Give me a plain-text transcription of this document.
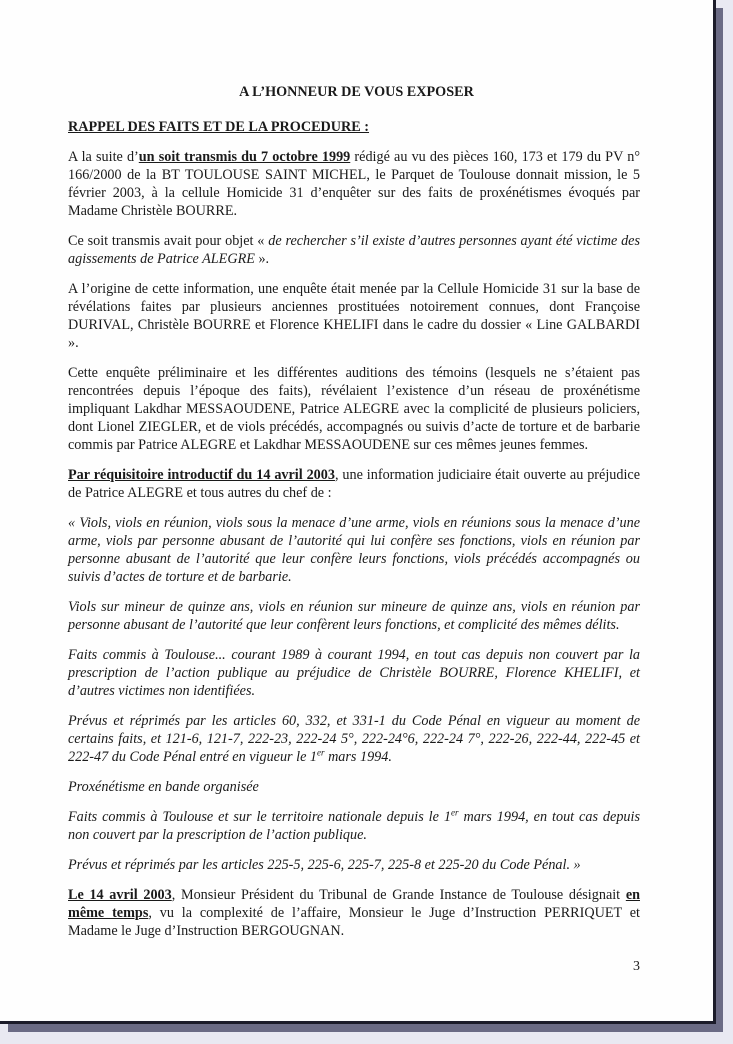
A L’HONNEUR DE VOUS EXPOSER
RAPPEL DES FAITS ET DE LA PROCEDURE :
A la suite d’un soit transmis du 7 octobre 1999 rédigé au vu des pièces 160, 173 et 179 du PV n° 166/2000 de la BT TOULOUSE SAINT MICHEL, le Parquet de Toulouse donnait mission, le 5 février 2003, à la cellule Homicide 31 d’enquêter sur des faits de proxénétismes évoqués par Madame Christèle BOURRE.
Ce soit transmis avait pour objet « de rechercher s’il existe d’autres personnes ayant été victime des agissements de Patrice ALEGRE ».
A l’origine de cette information, une enquête était menée par la Cellule Homicide 31 sur la base de révélations faites par plusieurs anciennes prostituées notoirement connues, dont Françoise DURIVAL, Christèle BOURRE et Florence KHELIFI dans le cadre du dossier « Line GALBARDI ».
Cette enquête préliminaire et les différentes auditions des témoins (lesquels ne s’étaient pas rencontrées depuis l’époque des faits), révélaient l’existence d’un réseau de proxénétisme impliquant Lakdhar MESSAOUDENE, Patrice ALEGRE avec la complicité de plusieurs policiers, dont Lionel ZIEGLER, et de viols précédés, accompagnés ou suivis d’acte de torture et de barbarie commis par Patrice ALEGRE et Lakdhar MESSAOUDENE sur ces mêmes jeunes femmes.
Par réquisitoire introductif du 14 avril 2003, une information judiciaire était ouverte au préjudice de Patrice ALEGRE et tous autres du chef de :
« Viols, viols en réunion, viols sous la menace d’une arme, viols en réunions sous la menace d’une arme, viols par personne abusant de l’autorité qui lui confère ses fonctions, viols en réunion par personne abusant de l’autorité que leur confère leurs fonctions, viols précédés accompagnés ou suivis d’actes de torture et de barbarie.
Viols sur mineur de quinze ans, viols en réunion sur mineure de quinze ans, viols en réunion par personne abusant de l’autorité que leur confèrent leurs fonctions, et complicité des mêmes délits.
Faits commis à Toulouse... courant 1989 à courant 1994, en tout cas depuis non couvert par la prescription de l’action publique au préjudice de Christèle BOURRE, Florence KHELIFI, et d’autres victimes non identifiées.
Prévus et réprimés par les articles 60, 332, et 331-1 du Code Pénal en vigueur au moment de certains faits, et 121-6, 121-7, 222-23, 222-24 5°, 222-24°6, 222-24 7°, 222-26, 222-44, 222-45 et 222-47 du Code Pénal entré en vigueur le 1er mars 1994.
Proxénétisme en bande organisée
Faits commis à Toulouse et sur le territoire nationale depuis le 1er mars 1994, en tout cas depuis non couvert par la prescription de l’action publique.
Prévus et réprimés par les articles 225-5, 225-6, 225-7, 225-8 et 225-20 du Code Pénal. »
Le 14 avril 2003, Monsieur Président du Tribunal de Grande Instance de Toulouse désignait en même temps, vu la complexité de l’affaire, Monsieur le Juge d’Instruction PERRIQUET et Madame le Juge d’Instruction BERGOUGNAN.
3
